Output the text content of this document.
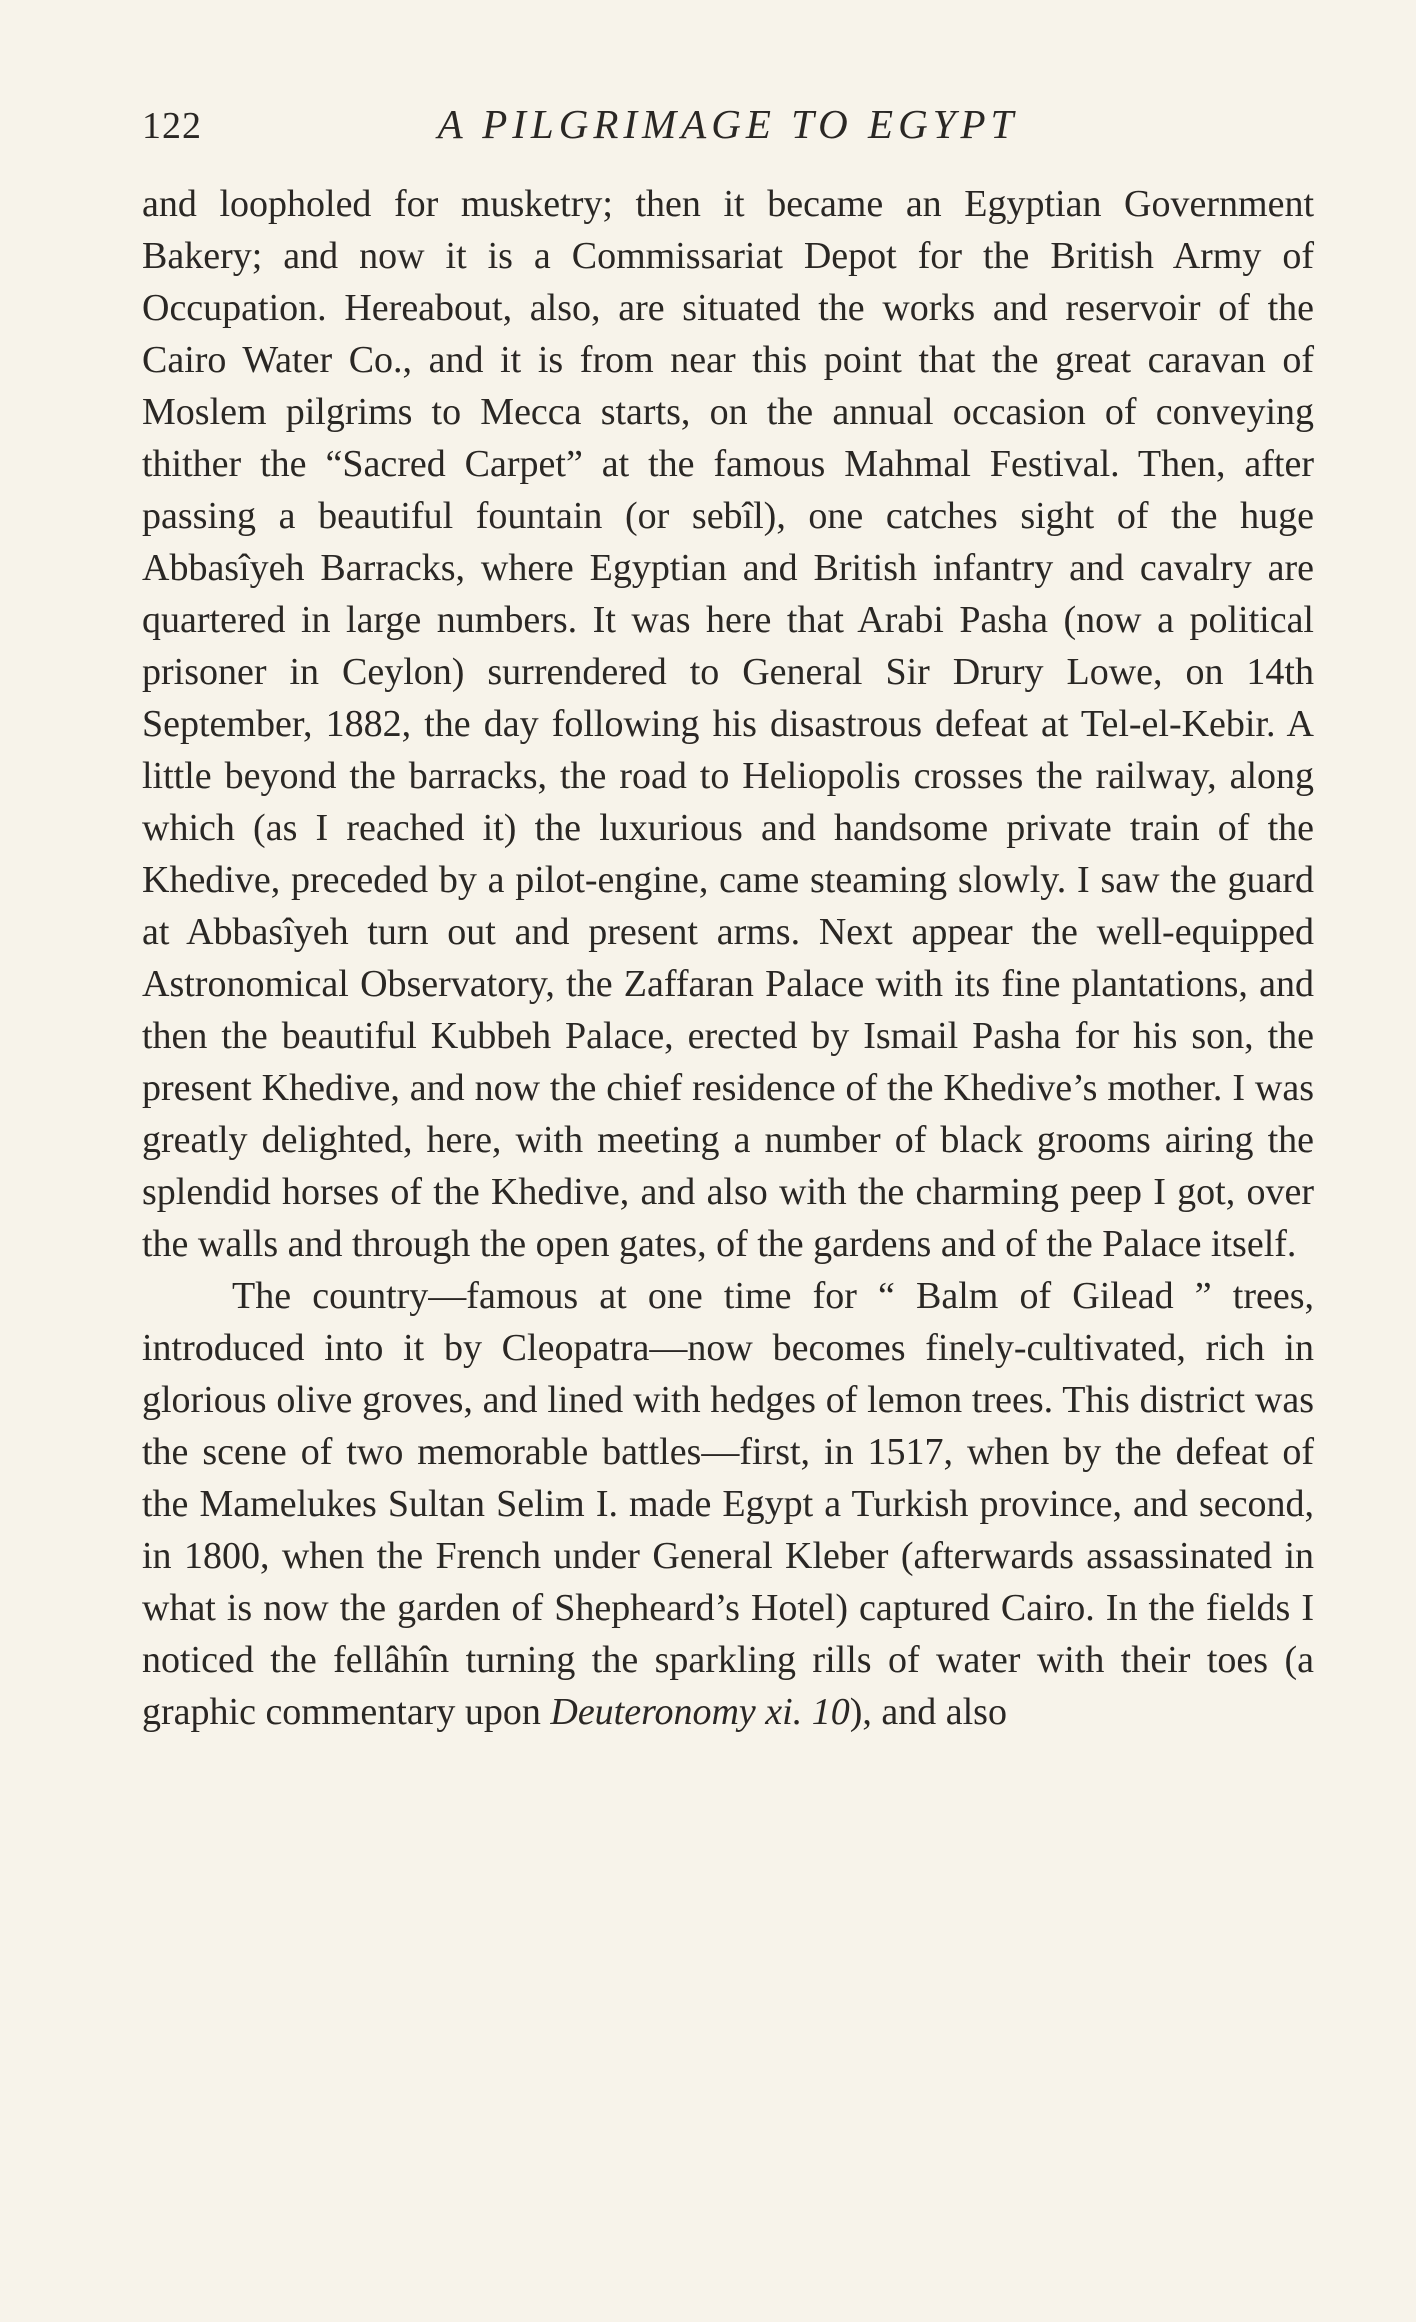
122	A PILGRIMAGE TO EGYPT

and loopholed for musketry; then it became an Egyptian Government Bakery; and now it is a Commissariat Depot for the British Army of Occupation. Hereabout, also, are situated the works and reservoir of the Cairo Water Co., and it is from near this point that the great caravan of Moslem pilgrims to Mecca starts, on the annual occasion of conveying thither the “Sacred Carpet” at the famous Mahmal Festival. Then, after passing a beautiful fountain (or sebîl), one catches sight of the huge Abbasîyeh Barracks, where Egyptian and British infantry and cavalry are quartered in large numbers. It was here that Arabi Pasha (now a political prisoner in Ceylon) surrendered to General Sir Drury Lowe, on 14th September, 1882, the day following his disastrous defeat at Tel-el-Kebir. A little beyond the barracks, the road to Heliopolis crosses the railway, along which (as I reached it) the luxurious and handsome private train of the Khedive, preceded by a pilot-engine, came steaming slowly. I saw the guard at Abbasîyeh turn out and present arms. Next appear the well-equipped Astronomical Observatory, the Zaffaran Palace with its fine plantations, and then the beautiful Kubbeh Palace, erected by Ismail Pasha for his son, the present Khedive, and now the chief residence of the Khedive’s mother. I was greatly delighted, here, with meeting a number of black grooms airing the splendid horses of the Khedive, and also with the charming peep I got, over the walls and through the open gates, of the gardens and of the Palace itself.

The country—famous at one time for “ Balm of Gilead ” trees, introduced into it by Cleopatra—now becomes finely-cultivated, rich in glorious olive groves, and lined with hedges of lemon trees. This district was the scene of two memorable battles—first, in 1517, when by the defeat of the Mamelukes Sultan Selim I. made Egypt a Turkish province, and second, in 1800, when the French under General Kleber (afterwards assassinated in what is now the garden of Shepheard’s Hotel) captured Cairo. In the fields I noticed the fellâhîn turning the sparkling rills of water with their toes (a graphic commentary upon Deuteronomy xi. 10), and also
